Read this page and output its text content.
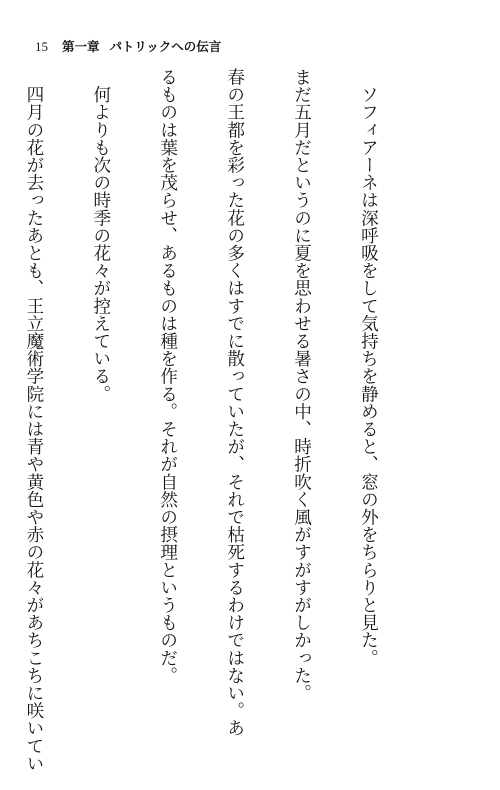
15 第一章 パトリックへの伝言

　ソフィアーネは深呼吸をして気持ちを静めると、窓の外をちらりと見た。

まだ五月だというのに夏を思わせる暑さの中、時折吹く風がすがすがしかった。

春の王都を彩った花の多くはすでに散っていたが、それで枯死するわけではない。あ

るものは葉を茂らせ、あるものは種を作る。それが自然の摂理というものだ。

　何よりも次の時季の花々が控えている。

　四月の花が去ったあとも、王立魔術学院には青や黄色や赤の花々があちこちに咲いてい
